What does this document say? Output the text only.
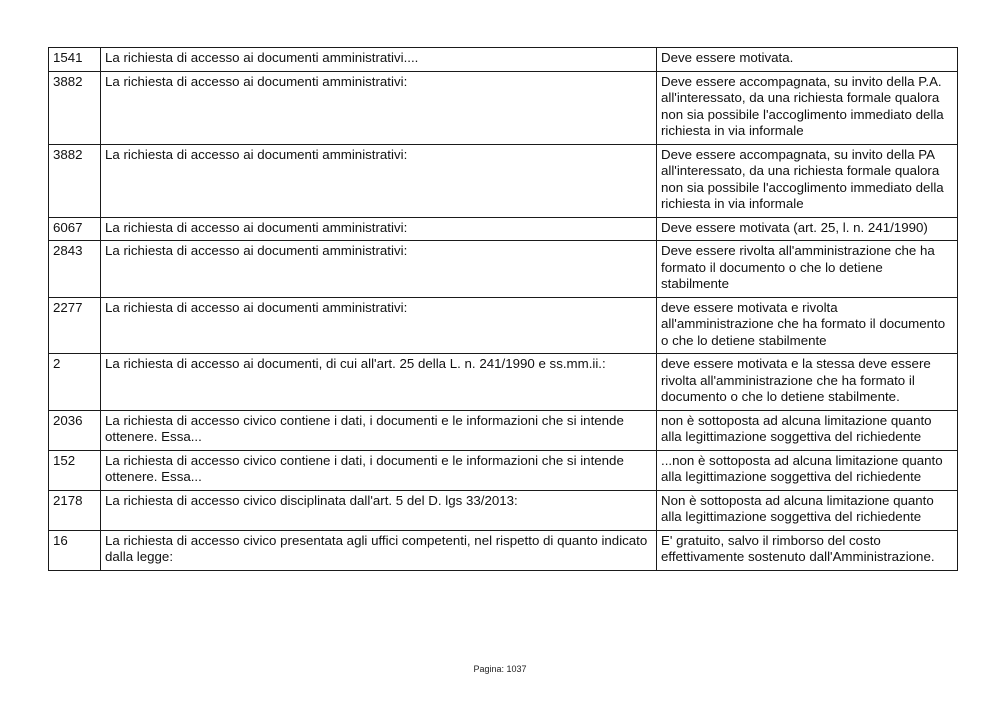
1541	La richiesta di accesso ai documenti amministrativi....	Deve essere motivata.
3882	La richiesta di accesso ai documenti amministrativi:	Deve essere accompagnata, su invito della P.A. all'interessato, da una richiesta formale qualora non sia possibile l'accoglimento immediato della richiesta in via informale
3882	La richiesta di accesso ai documenti amministrativi:	Deve essere accompagnata, su invito della PA all'interessato, da una richiesta formale qualora non sia possibile l'accoglimento immediato della richiesta in via informale
6067	La richiesta di accesso ai documenti amministrativi:	Deve essere motivata (art. 25, l. n. 241/1990)
2843	La richiesta di accesso ai documenti amministrativi:	Deve essere rivolta all'amministrazione che ha formato il documento o che lo detiene stabilmente
2277	La richiesta di accesso ai documenti amministrativi:	deve essere motivata e rivolta all'amministrazione che ha formato il documento o che lo detiene stabilmente
2	La richiesta di accesso ai documenti, di cui all'art. 25 della L. n. 241/1990 e ss.mm.ii.:	deve essere motivata e la stessa deve essere rivolta all'amministrazione che ha formato il documento o che lo detiene stabilmente.
2036	La richiesta di accesso civico contiene i dati, i documenti e le informazioni che si intende ottenere. Essa...	non è sottoposta ad alcuna limitazione quanto alla legittimazione soggettiva del richiedente
152	La richiesta di accesso civico contiene i dati, i documenti e le informazioni che si intende ottenere. Essa...	...non è sottoposta ad alcuna limitazione quanto alla legittimazione soggettiva del richiedente
2178	La richiesta di accesso civico disciplinata dall'art. 5 del D. lgs 33/2013:	Non è sottoposta ad alcuna limitazione quanto alla legittimazione soggettiva del richiedente
16	La richiesta di accesso civico presentata agli uffici competenti, nel rispetto di quanto indicato dalla legge:	E' gratuito, salvo il rimborso del costo effettivamente sostenuto dall'Amministrazione.
Pagina: 1037
